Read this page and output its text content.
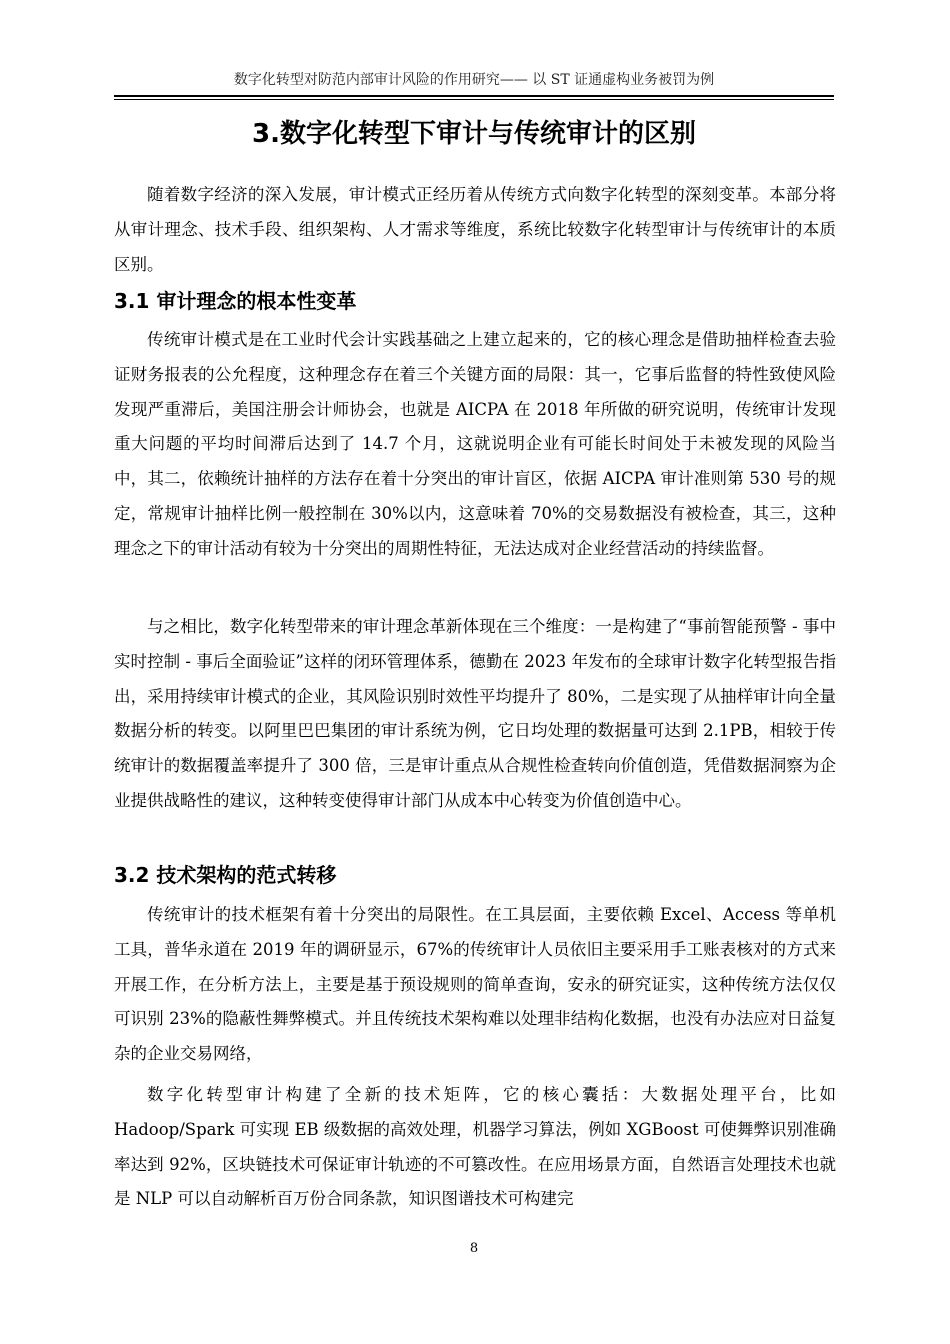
数字化转型对防范内部审计风险的作用研究—— 以 ST 证通虚构业务被罚为例
3.数字化转型下审计与传统审计的区别

随着数字经济的深入发展，审计模式正经历着从传统方式向数字化转型的深刻变革。本部分将从审计理念、技术手段、组织架构、人才需求等维度，系统比较数字化转型审计与传统审计的本质区别。

3.1 审计理念的根本性变革

传统审计模式是在工业时代会计实践基础之上建立起来的，它的核心理念是借助抽样检查去验证财务报表的公允程度，这种理念存在着三个关键方面的局限：其一，它事后监督的特性致使风险发现严重滞后，美国注册会计师协会，也就是 AICPA 在 2018 年所做的研究说明，传统审计发现重大问题的平均时间滞后达到了 14.7 个月，这就说明企业有可能长时间处于未被发现的风险当中，其二，依赖统计抽样的方法存在着十分突出的审计盲区，依据 AICPA 审计准则第 530 号的规定，常规审计抽样比例一般控制在 30%以内，这意味着 70%的交易数据没有被检查，其三，这种理念之下的审计活动有较为十分突出的周期性特征，无法达成对企业经营活动的持续监督。

与之相比，数字化转型带来的审计理念革新体现在三个维度：一是构建了“事前智能预警 - 事中实时控制 - 事后全面验证”这样的闭环管理体系，德勤在 2023 年发布的全球审计数字化转型报告指出，采用持续审计模式的企业，其风险识别时效性平均提升了 80%，二是实现了从抽样审计向全量数据分析的转变。以阿里巴巴集团的审计系统为例，它日均处理的数据量可达到 2.1PB，相较于传统审计的数据覆盖率提升了 300 倍，三是审计重点从合规性检查转向价值创造，凭借数据洞察为企业提供战略性的建议，这种转变使得审计部门从成本中心转变为价值创造中心。

3.2 技术架构的范式转移

传统审计的技术框架有着十分突出的局限性。在工具层面，主要依赖 Excel、Access 等单机工具，普华永道在 2019 年的调研显示，67%的传统审计人员依旧主要采用手工账表核对的方式来开展工作，在分析方法上，主要是基于预设规则的简单查询，安永的研究证实，这种传统方法仅仅可识别 23%的隐蔽性舞弊模式。并且传统技术架构难以处理非结构化数据，也没有办法应对日益复杂的企业交易网络，

数字化转型审计构建了全新的技术矩阵，它的核心囊括：大数据处理平台，比如 Hadoop/Spark 可实现 EB 级数据的高效处理，机器学习算法，例如 XGBoost 可使舞弊识别准确率达到 92%，区块链技术可保证审计轨迹的不可篡改性。在应用场景方面，自然语言处理技术也就是 NLP 可以自动解析百万份合同条款，知识图谱技术可构建完

8
